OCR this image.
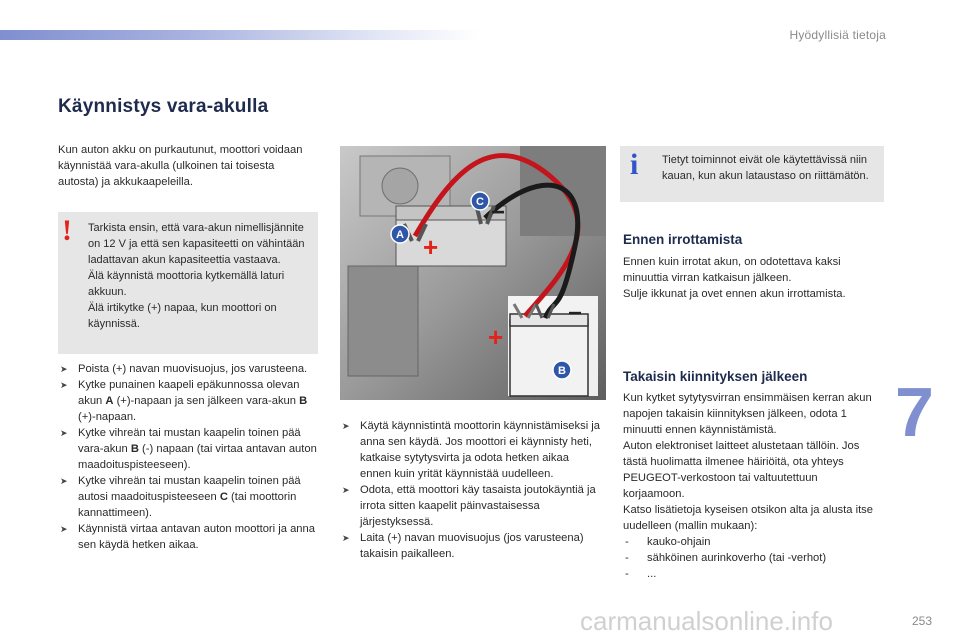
Hyödyllisiä tietoja
Käynnistys vara-akulla
Kun auton akku on purkautunut, moottori voidaan käynnistää vara-akulla (ulkoinen tai toisesta autosta) ja akkukaapeleilla.
! Tarkista ensin, että vara-akun nimellisjännite on 12 V ja että sen kapasiteetti on vähintään ladattavan akun kapasiteettia vastaava.
Älä käynnistä moottoria kytkemällä laturi akkuun.
Älä irtikytke (+) napaa, kun moottori on käynnissä.
➤ Poista (+) navan muovisuojus, jos varusteena.
➤ Kytke punainen kaapeli epäkunnossa olevan akun A (+)-napaan ja sen jälkeen vara-akun B (+)-napaan.
➤ Kytke vihreän tai mustan kaapelin toinen pää vara-akun B (-) napaan (tai virtaa antavan auton maadoituspisteeseen).
➤ Kytke vihreän tai mustan kaapelin toinen pää autosi maadoituspisteeseen C (tai moottorin kannattimeen).
➤ Käynnistä virtaa antavan auton moottori ja anna sen käydä hetken aikaa.
+
−
+
−
A
C
B
➤ Käytä käynnistintä moottorin käynnistämiseksi ja anna sen käydä. Jos moottori ei käynnisty heti, katkaise sytytysvirta ja odota hetken aikaa ennen kuin yrität käynnistää uudelleen.
➤ Odota, että moottori käy tasaista joutokäyntiä ja irrota sitten kaapelit päinvastaisessa järjestyksessä.
➤ Laita (+) navan muovisuojus (jos varusteena) takaisin paikalleen.
i Tietyt toiminnot eivät ole käytettävissä niin kauan, kun akun lataustaso on riittämätön.
Ennen irrottamista
Ennen kuin irrotat akun, on odotettava kaksi minuuttia virran katkaisun jälkeen.
Sulje ikkunat ja ovet ennen akun irrottamista.
Takaisin kiinnityksen jälkeen
Kun kytket sytytysvirran ensimmäisen kerran akun napojen takaisin kiinnityksen jälkeen, odota 1 minuutti ennen käynnistämistä.
Auton elektroniset laitteet alustetaan tällöin. Jos tästä huolimatta ilmenee häiriöitä, ota yhteys PEUGEOT-verkostoon tai valtuutettuun korjaamoon.
Katso lisätietoja kyseisen otsikon alta ja alusta itse uudelleen (mallin mukaan):
- kauko-ohjain
- sähköinen aurinkoverho (tai -verhot)
- ...
7
carmanualsonline.info	253
